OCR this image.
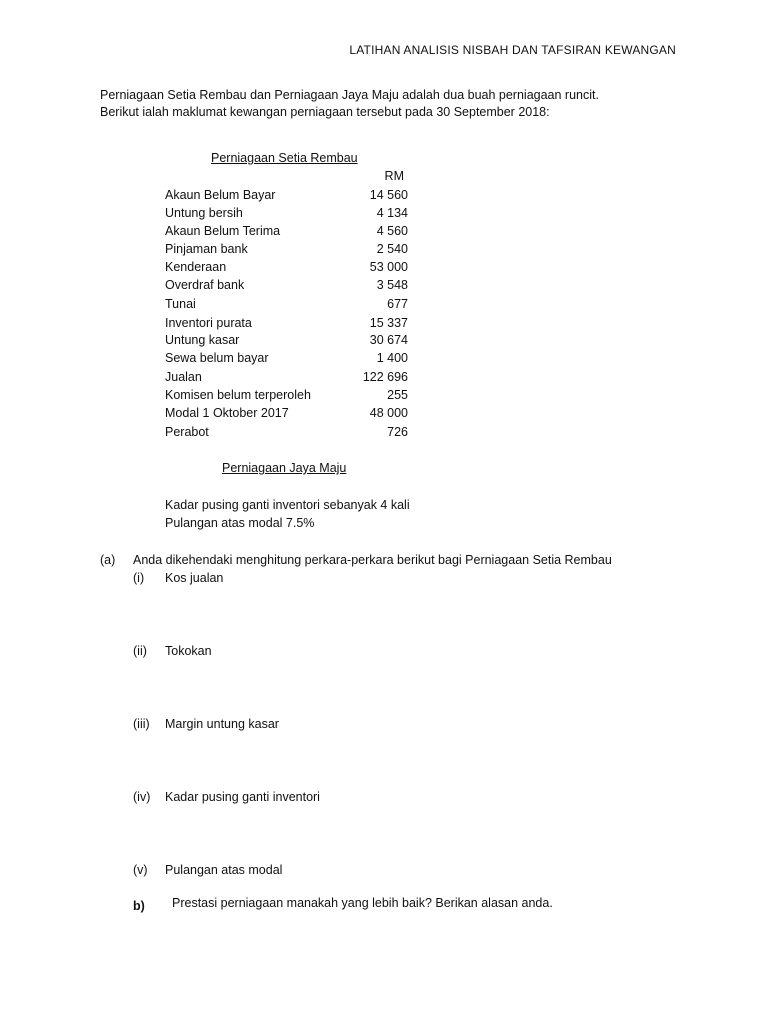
LATIHAN ANALISIS NISBAH DAN TAFSIRAN KEWANGAN
Perniagaan Setia Rembau dan Perniagaan Jaya Maju adalah dua buah perniagaan runcit.
Berikut ialah maklumat kewangan perniagaan tersebut pada 30 September 2018:
Perniagaan Setia Rembau
RM
Akaun Belum Bayar	14 560
Untung bersih	4 134
Akaun Belum Terima	4 560
Pinjaman bank	2 540
Kenderaan	53 000
Overdraf bank	3 548
Tunai	677
Inventori purata	15 337
Untung kasar	30 674
Sewa belum bayar	1 400
Jualan	122 696
Komisen belum terperoleh	255
Modal 1 Oktober 2017	48 000
Perabot	726
Perniagaan Jaya Maju
Kadar pusing ganti inventori sebanyak 4 kali
Pulangan atas modal 7.5%
(a) Anda dikehendaki menghitung perkara-perkara berikut bagi Perniagaan Setia Rembau
(i) Kos jualan
(ii) Tokokan
(iii) Margin untung kasar
(iv) Kadar pusing ganti inventori
(v) Pulangan atas modal
b) Prestasi perniagaan manakah yang lebih baik? Berikan alasan anda.
